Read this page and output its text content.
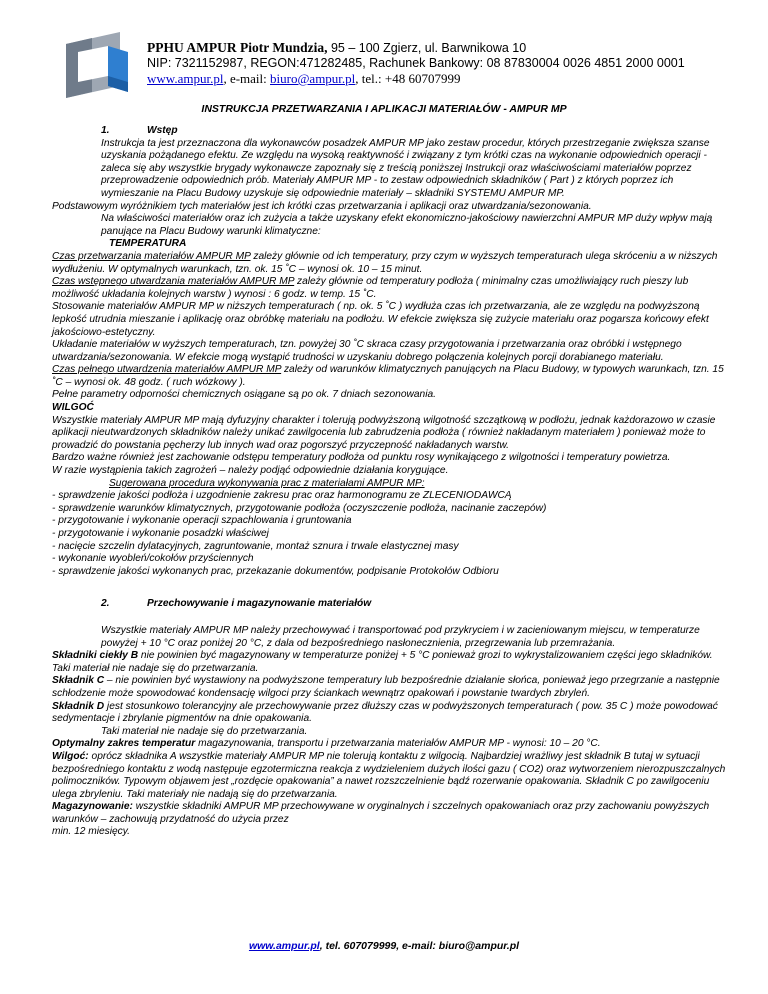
PPHU AMPUR Piotr Mundzia, 95 – 100 Zgierz, ul. Barwnikowa 10
NIP: 7321152987, REGON:471282485, Rachunek Bankowy: 08 87830004 0026 4851 2000 0001
www.ampur.pl, e-mail: biuro@ampur.pl, tel.: +48 60707999
INSTRUKCJA PRZETWARZANIA I APLIKACJI MATERIAŁÓW - AMPUR MP

1.	Wstęp

Instrukcja ta jest przeznaczona dla wykonawców posadzek AMPUR MP jako zestaw procedur, których przestrzeganie zwiększa szanse uzyskania pożądanego efektu. Ze względu na wysoką reaktywność i związany z tym krótki czas na wykonanie odpowiednich operacji - zaleca się aby wszystkie brygady wykonawcze zapoznały się z treścią poniższej Instrukcji oraz właściwościami materiałów poprzez przeprowadzenie odpowiednich prób. Materiały AMPUR MP - to zestaw odpowiednich składników ( Part ) z których poprzez ich wymieszanie na Placu Budowy uzyskuje się odpowiednie materiały – składniki SYSTEMU AMPUR MP.

Podstawowym wyróżnikiem tych materiałów jest ich krótki czas przetwarzania i aplikacji oraz utwardzania/sezonowania.

Na właściwości materiałów oraz ich zużycia a także uzyskany efekt ekonomiczno-jakościowy nawierzchni AMPUR MP duży wpływ mają panujące na Placu Budowy warunki klimatyczne:

TEMPERATURA

Czas przetwarzania materiałów AMPUR MP zależy głównie od ich temperatury, przy czym w wyższych temperaturach ulega skróceniu a w niższych wydłużeniu. W optymalnych warunkach, tzn. ok. 15 ˚C – wynosi ok. 10 – 15 minut.

Czas wstępnego utwardzania materiałów AMPUR MP zależy głównie od temperatury podłoża ( minimalny czas umożliwiający ruch pieszy lub możliwość układania kolejnych warstw ) wynosi : 6 godz. w temp. 15 ˚C.

Stosowanie materiałów AMPUR MP w niższych temperaturach ( np. ok. 5 ˚C ) wydłuża czas ich przetwarzania, ale ze względu na podwyższoną lepkość utrudnia mieszanie i aplikację oraz obróbkę materiału na podłożu. W efekcie zwiększa się zużycie materiału oraz pogarsza końcowy efekt jakościowo-estetyczny.

Układanie materiałów w wyższych temperaturach, tzn. powyżej 30 ˚C skraca czasy przygotowania i przetwarzania oraz obróbki i wstępnego utwardzania/sezonowania. W efekcie mogą wystąpić trudności w uzyskaniu dobrego połączenia kolejnych porcji dorabianego materiału.

Czas pełnego utwardzenia materiałów AMPUR MP zależy od warunków klimatycznych panujących na Placu Budowy, w typowych warunkach, tzn. 15 ˚C – wynosi ok. 48 godz. ( ruch wózkowy ).

Pełne parametry odporności chemicznych osiągane są po ok. 7 dniach sezonowania.

WILGOĆ

Wszystkie materiały AMPUR MP mają dyfuzyjny charakter i tolerują podwyższoną wilgotność szczątkową w podłożu, jednak każdorazowo w czasie aplikacji nieutwardzonych składników należy unikać zawilgocenia lub zabrudzenia podłoża ( również nakładanym materiałem ) ponieważ może to prowadzić do powstania pęcherzy lub innych wad oraz pogorszyć przyczepność nakładanych warstw.

Bardzo ważne również jest zachowanie odstępu temperatury podłoża od punktu rosy wynikającego z wilgotności i temperatury powietrza.

W razie wystąpienia takich zagrożeń – należy podjąć odpowiednie działania korygujące.

Sugerowana procedura wykonywania prac z materiałami AMPUR MP:

- sprawdzenie jakości podłoża i uzgodnienie zakresu prac oraz harmonogramu ze ZLECENIODAWCĄ

- sprawdzenie warunków klimatycznych, przygotowanie podłoża (oczyszczenie podłoża, nacinanie zaczepów)

- przygotowanie i wykonanie operacji szpachlowania i gruntowania

- przygotowanie i wykonanie posadzki właściwej

- nacięcie szczelin dylatacyjnych, zagruntowanie, montaż sznura i trwale elastycznej masy

- wykonanie wyobleń/cokołów przyściennych

- sprawdzenie jakości wykonanych prac, przekazanie dokumentów, podpisanie Protokołów Odbioru

2.	Przechowywanie i magazynowanie materiałów

Wszystkie materiały AMPUR MP należy przechowywać i transportować pod przykryciem i w zacieniowanym miejscu, w temperaturze powyżej + 10 °C oraz poniżej 20 °C, z dala od bezpośredniego nasłonecznienia, przegrzewania lub przemrażania.

Składniki ciekły B nie powinien być magazynowany w temperaturze poniżej + 5 °C ponieważ grozi to wykrystalizowaniem części jego składników. Taki materiał nie nadaje się do przetwarzania.

Składnik C – nie powinien być wystawiony na podwyższone temperatury lub bezpośrednie działanie słońca, ponieważ jego przegrzanie a następnie schłodzenie może spowodować kondensację wilgoci przy ściankach wewnątrz opakowań i powstanie twardych zbryleń.

Składnik D jest stosunkowo tolerancyjny ale przechowywanie przez dłuższy czas w podwyższonych temperaturach ( pow. 35 C ) może powodować sedymentacje i zbrylanie pigmentów na dnie opakowania.

Taki materiał nie nadaje się do przetwarzania.

Optymalny zakres temperatur magazynowania, transportu i przetwarzania materiałów AMPUR MP - wynosi: 10 – 20 °C.

Wilgoć: oprócz składnika A wszystkie materiały AMPUR MP nie tolerują kontaktu z wilgocią. Najbardziej wrażliwy jest składnik B tutaj w sytuacji bezpośredniego kontaktu z wodą następuje egzotermiczna reakcja z wydzieleniem dużych ilości gazu ( CO2) oraz wytworzeniem nierozpuszczalnych polimoczników. Typowym objawem jest „rozdęcie opakowania” a nawet rozszczelnienie bądź rozerwanie opakowania. Składnik C po zawilgoceniu ulega zbryleniu. Taki materiały nie nadają się do przetwarzania.

Magazynowanie: wszystkie składniki AMPUR MP przechowywane w oryginalnych i szczelnych opakowaniach oraz przy zachowaniu powyższych warunków – zachowują przydatność do użycia przez

min. 12 miesięcy.

www.ampur.pl, tel. 607079999, e-mail: biuro@ampur.pl
